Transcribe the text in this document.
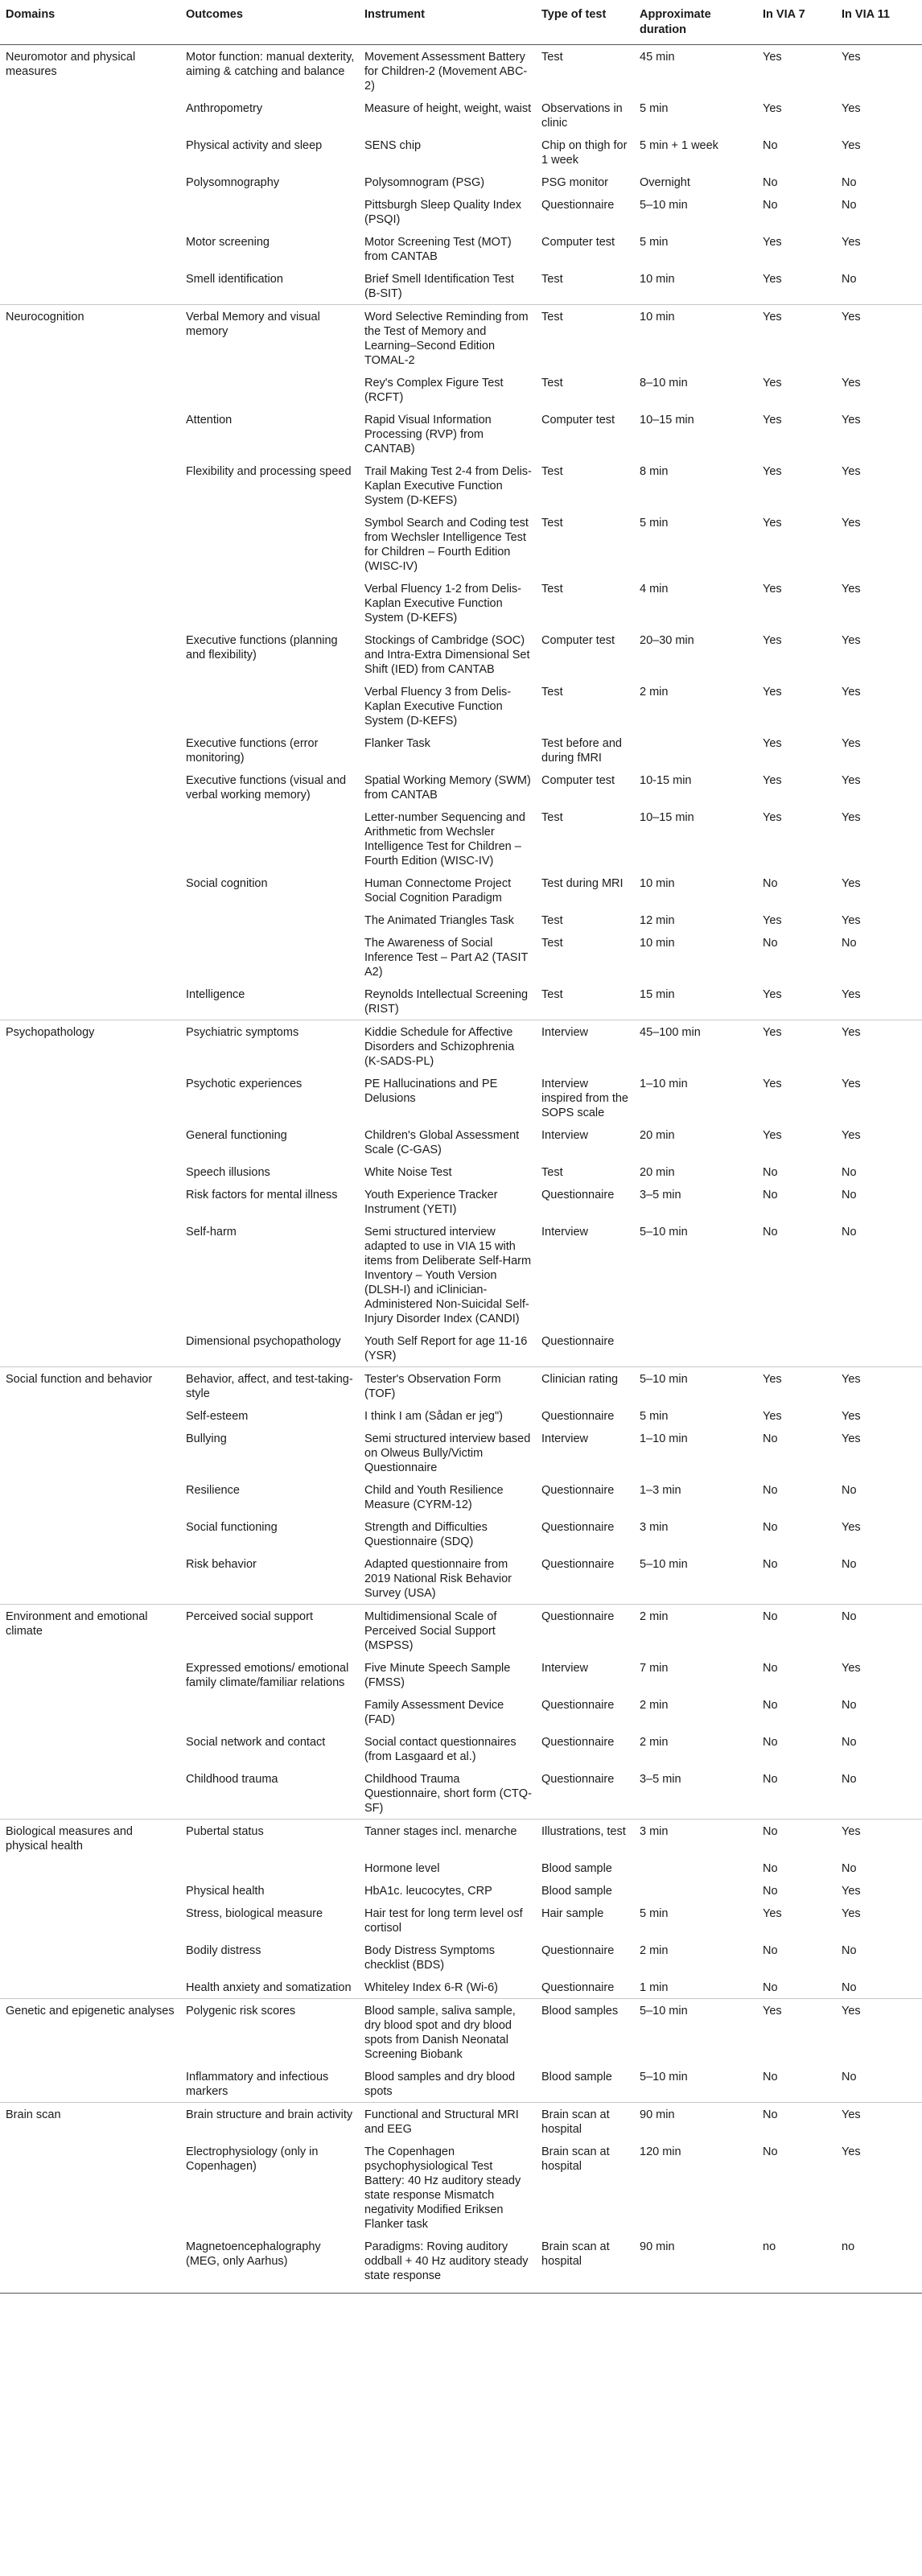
Domains	Outcomes	Instrument	Type of test	Approximate duration	In VIA 7	In VIA 11
Neuromotor and physical measures	Motor function: manual dexterity, aiming & catching and balance	Movement Assessment Battery for Children-2 (Movement ABC-2)	Test	45 min	Yes	Yes
	Anthropometry	Measure of height, weight, waist	Observations in clinic	5 min	Yes	Yes
	Physical activity and sleep	SENS chip	Chip on thigh for 1 week	5 min + 1 week	No	Yes
	Polysomnography	Polysomnogram (PSG)	PSG monitor	Overnight	No	No
		Pittsburgh Sleep Quality Index (PSQI)	Questionnaire	5–10 min	No	No
	Motor screening	Motor Screening Test (MOT) from CANTAB	Computer test	5 min	Yes	Yes
	Smell identification	Brief Smell Identification Test (B-SIT)	Test	10 min	Yes	No
Neurocognition	Verbal Memory and visual memory	Word Selective Reminding from the Test of Memory and Learning–Second Edition TOMAL-2	Test	10 min	Yes	Yes
		Rey's Complex Figure Test (RCFT)	Test	8–10 min	Yes	Yes
	Attention	Rapid Visual Information Processing (RVP) from CANTAB)	Computer test	10–15 min	Yes	Yes
	Flexibility and processing speed	Trail Making Test 2-4 from Delis-Kaplan Executive Function System (D-KEFS)	Test	8 min	Yes	Yes
		Symbol Search and Coding test from Wechsler Intelligence Test for Children – Fourth Edition (WISC-IV)	Test	5 min	Yes	Yes
		Verbal Fluency 1-2 from Delis-Kaplan Executive Function System (D-KEFS)	Test	4 min	Yes	Yes
	Executive functions (planning and flexibility)	Stockings of Cambridge (SOC) and Intra-Extra Dimensional Set Shift (IED) from CANTAB	Computer test	20–30 min	Yes	Yes
		Verbal Fluency 3 from Delis-Kaplan Executive Function System (D-KEFS)	Test	2 min	Yes	Yes
	Executive functions (error monitoring)	Flanker Task	Test before and during fMRI		Yes	Yes
	Executive functions (visual and verbal working memory)	Spatial Working Memory (SWM) from CANTAB	Computer test	10-15 min	Yes	Yes
		Letter-number Sequencing and Arithmetic from Wechsler Intelligence Test for Children – Fourth Edition (WISC-IV)	Test	10–15 min	Yes	Yes
	Social cognition	Human Connectome Project Social Cognition Paradigm	Test during MRI	10 min	No	Yes
		The Animated Triangles Task	Test	12 min	Yes	Yes
		The Awareness of Social Inference Test – Part A2 (TASIT A2)	Test	10 min	No	No
	Intelligence	Reynolds Intellectual Screening (RIST)	Test	15 min	Yes	Yes
Psychopathology	Psychiatric symptoms	Kiddie Schedule for Affective Disorders and Schizophrenia (K-SADS-PL)	Interview	45–100 min	Yes	Yes
	Psychotic experiences	PE Hallucinations and PE Delusions	Interview inspired from the SOPS scale	1–10 min	Yes	Yes
	General functioning	Children's Global Assessment Scale (C-GAS)	Interview	20 min	Yes	Yes
	Speech illusions	White Noise Test	Test	20 min	No	No
	Risk factors for mental illness	Youth Experience Tracker Instrument (YETI)	Questionnaire	3–5 min	No	No
	Self-harm	Semi structured interview adapted to use in VIA 15 with items from Deliberate Self-Harm Inventory – Youth Version (DLSH-I) and iClinician-Administered Non-Suicidal Self-Injury Disorder Index (CANDI)	Interview	5–10 min	No	No
	Dimensional psychopathology	Youth Self Report for age 11-16 (YSR)	Questionnaire			
Social function and behavior	Behavior, affect, and test-taking-style	Tester's Observation Form (TOF)	Clinician rating	5–10 min	Yes	Yes
	Self-esteem	I think I am (Sådan er jeg")	Questionnaire	5 min	Yes	Yes
	Bullying	Semi structured interview based on Olweus Bully/Victim Questionnaire	Interview	1–10 min	No	Yes
	Resilience	Child and Youth Resilience Measure (CYRM-12)	Questionnaire	1–3 min	No	No
	Social functioning	Strength and Difficulties Questionnaire (SDQ)	Questionnaire	3 min	No	Yes
	Risk behavior	Adapted questionnaire from 2019 National Risk Behavior Survey (USA)	Questionnaire	5–10 min	No	No
Environment and emotional climate	Perceived social support	Multidimensional Scale of Perceived Social Support (MSPSS)	Questionnaire	2 min	No	No
	Expressed emotions/ emotional family climate/familiar relations	Five Minute Speech Sample (FMSS)	Interview	7 min	No	Yes
		Family Assessment Device (FAD)	Questionnaire	2 min	No	No
	Social network and contact	Social contact questionnaires (from Lasgaard et al.)	Questionnaire	2 min	No	No
	Childhood trauma	Childhood Trauma Questionnaire, short form (CTQ-SF)	Questionnaire	3–5 min	No	No
Biological measures and physical health	Pubertal status	Tanner stages incl. menarche	Illustrations, test	3 min	No	Yes
		Hormone level	Blood sample		No	No
	Physical health	HbA1c. leucocytes, CRP	Blood sample		No	Yes
	Stress, biological measure	Hair test for long term level osf cortisol	Hair sample	5 min	Yes	Yes
	Bodily distress	Body Distress Symptoms checklist (BDS)	Questionnaire	2 min	No	No
	Health anxiety and somatization	Whiteley Index 6-R (Wi-6)	Questionnaire	1 min	No	No
Genetic and epigenetic analyses	Polygenic risk scores	Blood sample, saliva sample, dry blood spot and dry blood spots from Danish Neonatal Screening Biobank	Blood samples	5–10 min	Yes	Yes
	Inflammatory and infectious markers	Blood samples and dry blood spots	Blood sample	5–10 min	No	No
Brain scan	Brain structure and brain activity	Functional and Structural MRI and EEG	Brain scan at hospital	90 min	No	Yes
	Electrophysiology (only in Copenhagen)	The Copenhagen psychophysiological Test Battery: 40 Hz auditory steady state response Mismatch negativity Modified Eriksen Flanker task	Brain scan at hospital	120 min	No	Yes
	Magnetoencephalography (MEG, only Aarhus)	Paradigms: Roving auditory oddball + 40 Hz auditory steady state response	Brain scan at hospital	90 min	no	no
